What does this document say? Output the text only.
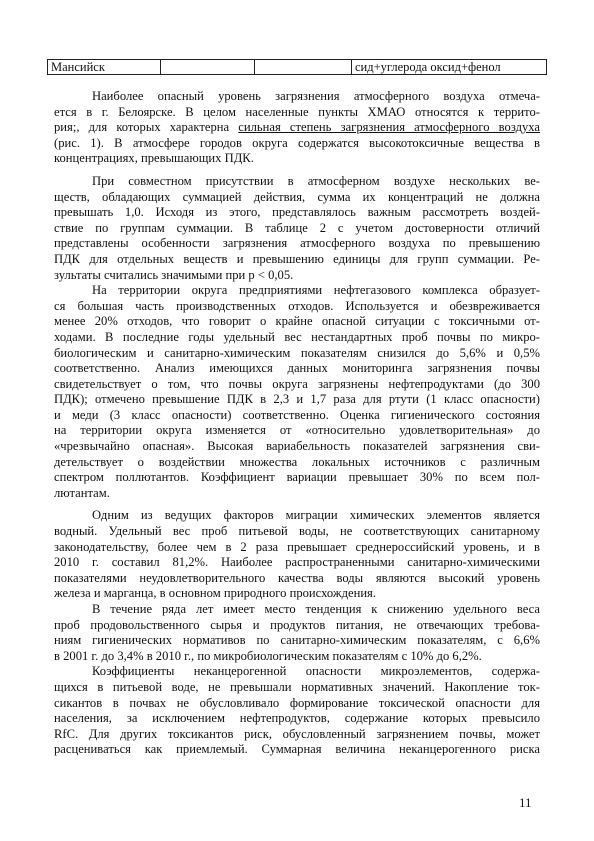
Мансийск	сид+углерода оксид+фенол

Наиболее опасный уровень загрязнения атмосферного воздуха отмеча-
ется в г. Белоярске. В целом населенные пункты ХМАО относятся к террито-
рия;, для которых характерна сильная степень загрязнения атмосферного воздуха
(рис. 1). В атмосфере городов округа содержатся высокотоксичные вещества в
концентрациях, превышающих ПДК.

При совместном присутствии в атмосферном воздухе нескольких ве-
ществ, обладающих суммацией действия, сумма их концентраций не должна
превышать 1,0. Исходя из этого, представлялось важным рассмотреть воздей-
ствие по группам суммации. В таблице 2 с учетом достоверности отличий
представлены особенности загрязнения атмосферного воздуха по превышению
ПДК для отдельных веществ и превышению единицы для групп суммации. Ре-
зультаты считались значимыми при р < 0,05.

На территории округа предприятиями нефтегазового комплекса образует-
ся большая часть производственных отходов. Используется и обезвреживается
менее 20% отходов, что говорит о крайне опасной ситуации с токсичными от-
ходами. В последние годы удельный вес нестандартных проб почвы по микро-
биологическим и санитарно-химическим показателям снизился до 5,6% и 0,5%
соответственно. Анализ имеющихся данных мониторинга загрязнения почвы
свидетельствует о том, что почвы округа загрязнены нефтепродуктами (до 300
ПДК); отмечено превышение ПДК в 2,3 и 1,7 раза для ртути (1 класс опасности)
и меди (3 класс опасности) соответственно. Оценка гигиенического состояния
на территории округа изменяется от «относительно удовлетворительная» до
«чрезвычайно опасная». Высокая вариабельность показателей загрязнения сви-
детельствует о воздействии множества локальных источников с различным
спектром поллютантов. Коэффициент вариации превышает 30% по всем пол-
лютантам.

Одним из ведущих факторов миграции химических элементов является
водный. Удельный вес проб питьевой воды, не соответствующих санитарному
законодательству, более чем в 2 раза превышает среднероссийский уровень, и в
2010 г. составил 81,2%. Наиболее распространенными санитарно-химическими
показателями неудовлетворительного качества воды являются высокий уровень
железа и марганца, в основном природного происхождения.

В течение ряда лет имеет место тенденция к снижению удельного веса
проб продовольственного сырья и продуктов питания, не отвечающих требова-
ниям гигиенических нормативов по санитарно-химическим показателям, с 6,6%
в 2001 г. до 3,4% в 2010 г., по микробиологическим показателям с 10% до 6,2%.

Коэффициенты неканцерогенной опасности микроэлементов, содержа-
щихся в питьевой воде, не превышали нормативных значений. Накопление ток-
сикантов в почвах не обусловливало формирование токсической опасности для
населения, за исключением нефтепродуктов, содержание которых превысило
RfC. Для других токсикантов риск, обусловленный загрязнением почвы, может
расцениваться как приемлемый. Суммарная величина неканцерогенного риска

11
